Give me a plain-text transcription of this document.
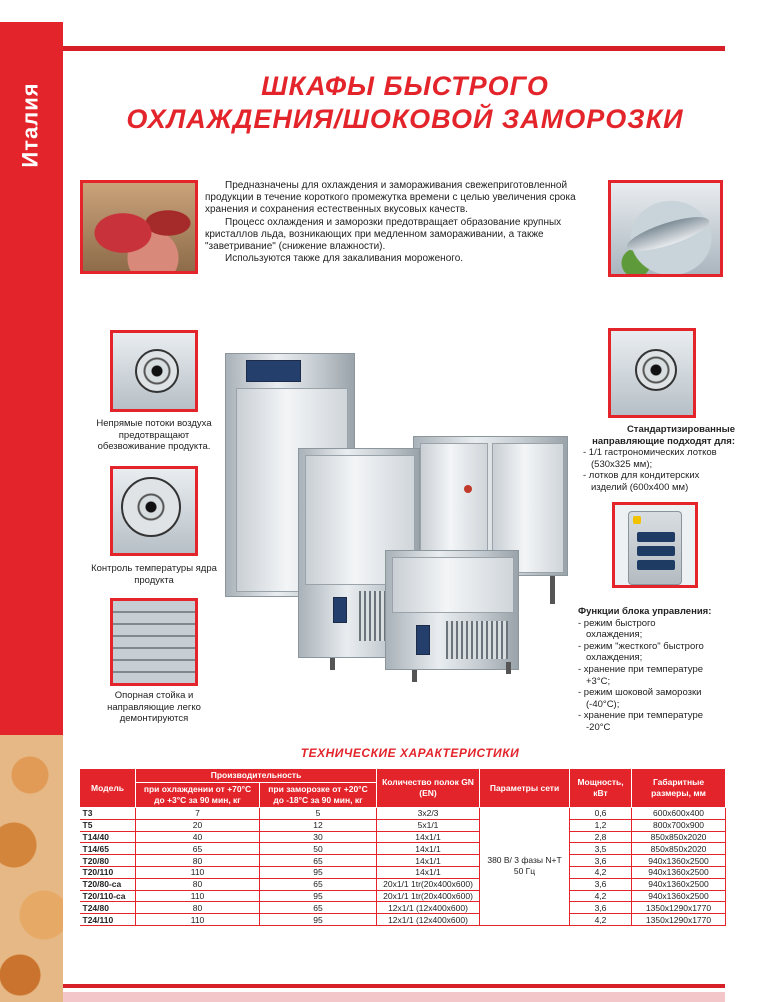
Италия	ШКАФЫ БЫСТРОГО
ОХЛАЖДЕНИЯ/ШОКОВОЙ ЗАМОРОЗКИ

Предназначены для охлаждения и замораживания свежеприготовленной продукции в течение короткого промежутка времени с целью увеличения срока хранения и сохранения естественных вкусовых качеств.

Процесс охлаждения и заморозки предотвращает образование крупных кристаллов льда, возникающих при медленном замораживании, а также "заветривание" (снижение влажности).

Используются также для закаливания мороженого.

Непрямые потоки воздуха
предотвращают
обезвоживание продукта.
Контроль температуры ядра
продукта
Опорная стойка и
направляющие легко
демонтируются
Стандартизированные
направляющие подходят для:
- 1/1 гастрономических лотков
(530x325 мм);
- лотков для кондитерских
изделий (600x400 мм)
Функции блока управления:
- режим быстрого
охлаждения;
- режим "жесткого" быстрого
охлаждения;
- хранение при температуре
+3°C;
- режим шоковой заморозки
(-40°C);
- хранение при температуре
-20°C
ТЕХНИЧЕСКИЕ ХАРАКТЕРИСТИКИ
Модель	Производительность		Количество полок GN (EN)	Параметры сети	Мощность, кВт	Габаритные размеры, мм
	при охлаждении от +70°C до +3°C за 90 мин, кг	при заморозке от +20°C до -18°C за 90 мин, кг				
T3	7	5	3x2/3	380 В/ 3 фазы N+T 50 Гц	0,6	600x600x400
T5	20	12	5x1/1		1,2	800x700x900
T14/40	40	30	14x1/1		2,8	850x850x2020
T14/65	65	50	14x1/1		3,5	850x850x2020
T20/80	80	65	14x1/1		3,6	940x1360x2500
T20/110	110	95	14x1/1		4,2	940x1360x2500
T20/80-ca	80	65	20x1/1 1tr(20x400x600)		3,6	940x1360x2500
T20/110-ca	110	95	20x1/1 1tr(20x400x600)		4,2	940x1360x2500
T24/80	80	65	12x1/1 (12x400x600)		3,6	1350x1290x1770
T24/110	110	95	12x1/1 (12x400x600)		4,2	1350x1290x1770
